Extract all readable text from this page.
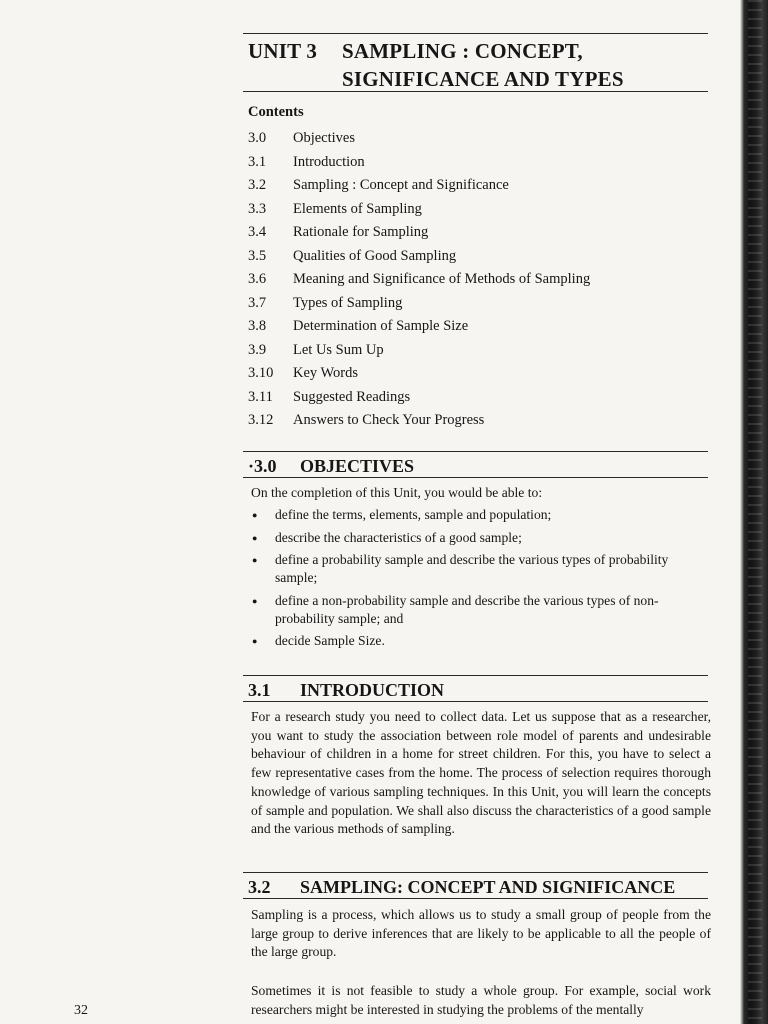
UNIT 3 SAMPLING : CONCEPT,
SIGNIFICANCE AND TYPES
Contents
3.0 Objectives
3.1 Introduction
3.2 Sampling : Concept and Significance
3.3 Elements of Sampling
3.4 Rationale for Sampling
3.5 Qualities of Good Sampling
3.6 Meaning and Significance of Methods of Sampling
3.7 Types of Sampling
3.8 Determination of Sample Size
3.9 Let Us Sum Up
3.10 Key Words
3.11 Suggested Readings
3.12 Answers to Check Your Progress
·3.0 OBJECTIVES
On the completion of this Unit, you would be able to:
● define the terms, elements, sample and population;
● describe the characteristics of a good sample;
● define a probability sample and describe the various types of probability sample;
● define a non-probability sample and describe the various types of non-probability sample; and
● decide Sample Size.
3.1 INTRODUCTION
For a research study you need to collect data. Let us suppose that as a researcher, you want to study the association between role model of parents and undesirable behaviour of children in a home for street children. For this, you have to select a few representative cases from the home. The process of selection requires thorough knowledge of various sampling techniques. In this Unit, you will learn the concepts of sample and population. We shall also discuss the characteristics of a good sample and the various methods of sampling.
3.2 SAMPLING: CONCEPT AND SIGNIFICANCE
Sampling is a process, which allows us to study a small group of people from the large group to derive inferences that are likely to be applicable to all the people of the large group.
Sometimes it is not feasible to study a whole group. For example, social work researchers might be interested in studying the problems of the mentally
32
